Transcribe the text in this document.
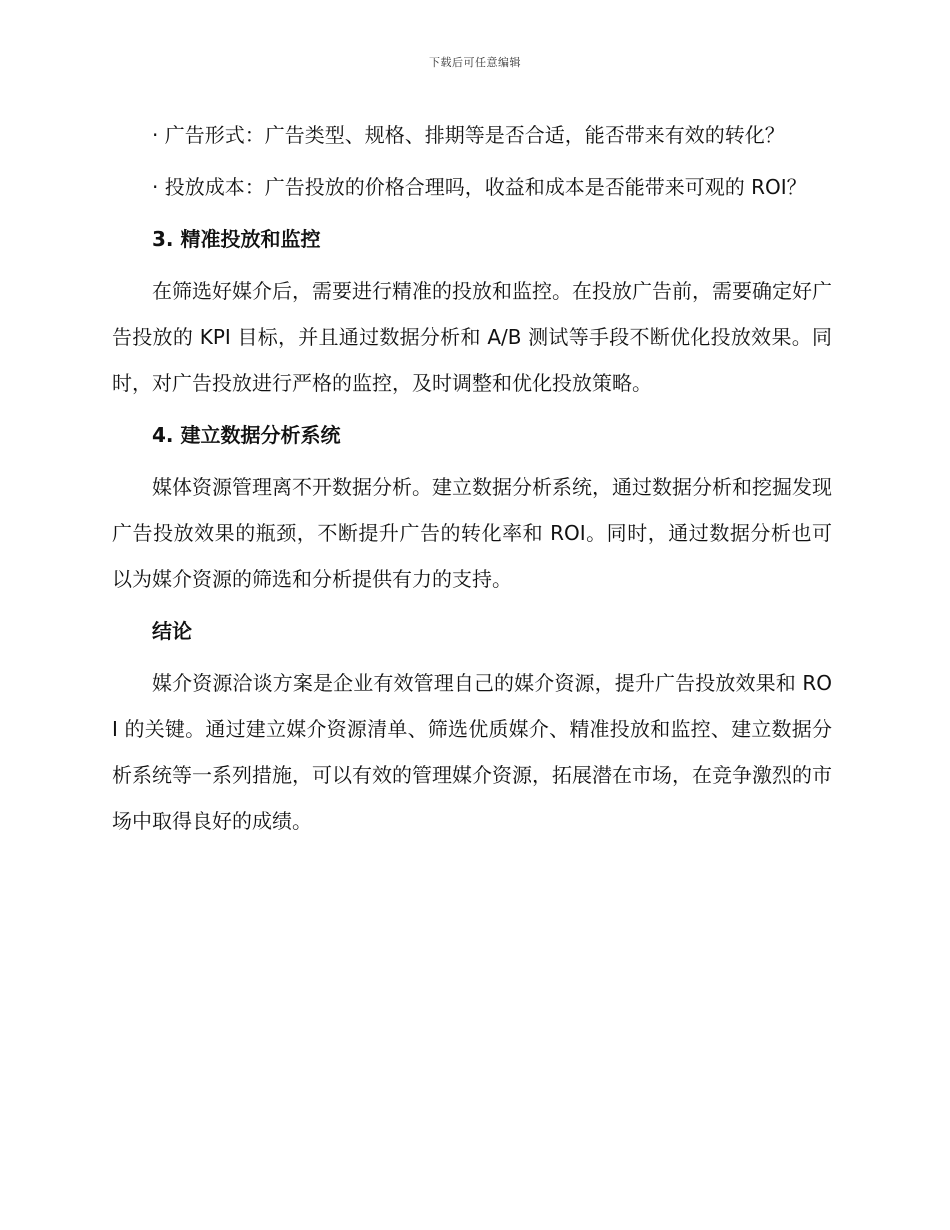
下载后可任意编辑

· 广告形式：广告类型、规格、排期等是否合适，能否带来有效的转化？

· 投放成本：广告投放的价格合理吗，收益和成本是否能带来可观的 ROI？

3. 精准投放和监控

在筛选好媒介后，需要进行精准的投放和监控。在投放广告前，需要确定好广告投放的 KPI 目标，并且通过数据分析和 A/B 测试等手段不断优化投放效果。同时，对广告投放进行严格的监控，及时调整和优化投放策略。

4. 建立数据分析系统

媒体资源管理离不开数据分析。建立数据分析系统，通过数据分析和挖掘发现广告投放效果的瓶颈，不断提升广告的转化率和 ROI。同时，通过数据分析也可以为媒介资源的筛选和分析提供有力的支持。

结论

媒介资源洽谈方案是企业有效管理自己的媒介资源，提升广告投放效果和 ROI 的关键。通过建立媒介资源清单、筛选优质媒介、精准投放和监控、建立数据分析系统等一系列措施，可以有效的管理媒介资源，拓展潜在市场，在竞争激烈的市场中取得良好的成绩。
